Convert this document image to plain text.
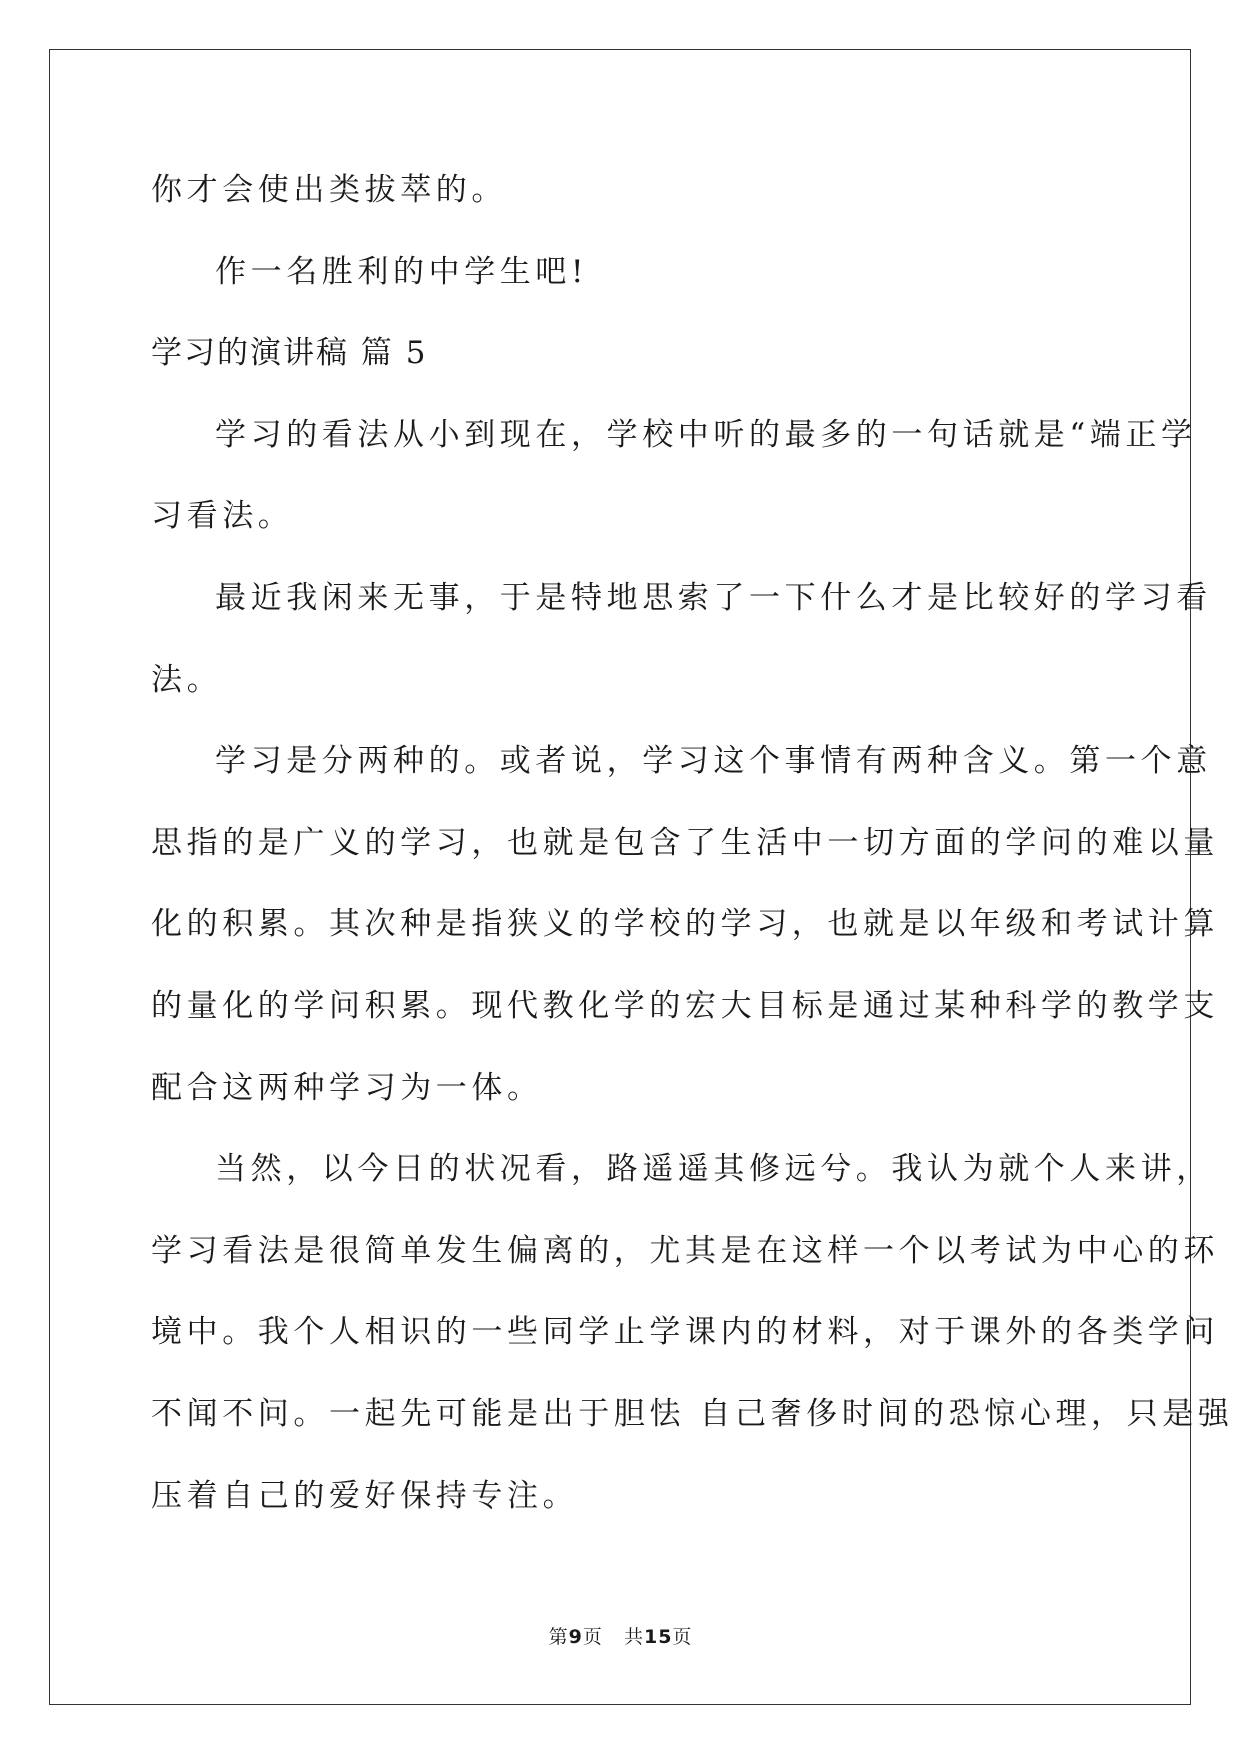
你才会使出类拔萃的。
作一名胜利的中学生吧!
学习的演讲稿 篇 5
学习的看法从小到现在，学校中听的最多的一句话就是“端正学
习看法。
最近我闲来无事，于是特地思索了一下什么才是比较好的学习看
法。
学习是分两种的。或者说，学习这个事情有两种含义。第一个意
思指的是广义的学习，也就是包含了生活中一切方面的学问的难以量
化的积累。其次种是指狭义的学校的学习，也就是以年级和考试计算
的量化的学问积累。现代教化学的宏大目标是通过某种科学的教学支
配合这两种学习为一体。
当然，以今日的状况看，路遥遥其修远兮。我认为就个人来讲，
学习看法是很简单发生偏离的，尤其是在这样一个以考试为中心的环
境中。我个人相识的一些同学止学课内的材料，对于课外的各类学问
不闻不问。一起先可能是出于胆怯 自己奢侈时间的恐惊心理，只是强
压着自己的爱好保持专注。
第9页 共15页
